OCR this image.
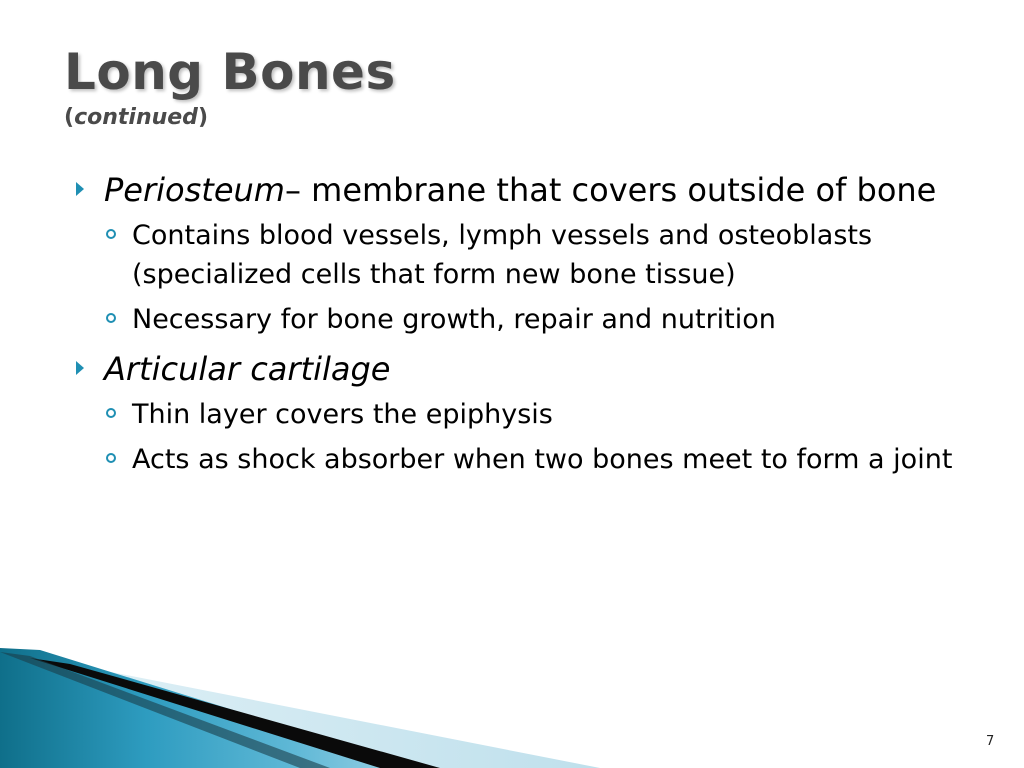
Long Bones
(continued)
Periosteum– membrane that covers outside of bone
Contains blood vessels, lymph vessels and osteoblasts (specialized cells that form new bone tissue)
Necessary for bone growth, repair and nutrition
Articular cartilage
Thin layer covers the epiphysis
Acts as shock absorber when two bones meet to form a joint
7
